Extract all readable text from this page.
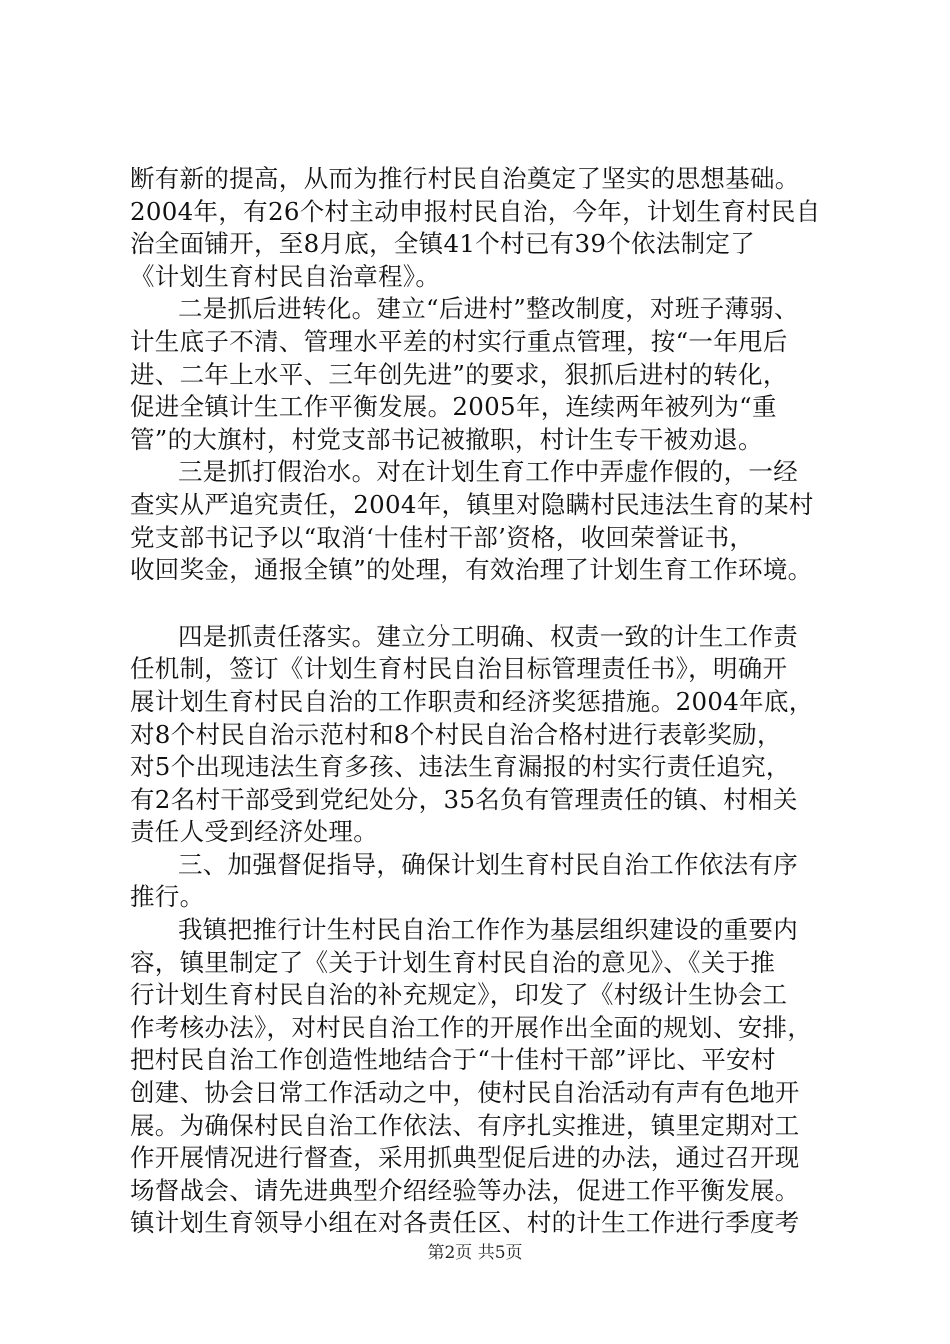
断有新的提高，从而为推行村民自治奠定了坚实的思想基础。
2004年，有26个村主动申报村民自治，今年，计划生育村民自
治全面铺开，至8月底，全镇41个村已有39个依法制定了
《计划生育村民自治章程》。
二是抓后进转化。建立“后进村”整改制度，对班子薄弱、
计生底子不清、管理水平差的村实行重点管理，按“一年甩后
进、二年上水平、三年创先进”的要求，狠抓后进村的转化，
促进全镇计生工作平衡发展。2005年，连续两年被列为“重
管”的大旗村，村党支部书记被撤职，村计生专干被劝退。
三是抓打假治水。对在计划生育工作中弄虚作假的，一经
查实从严追究责任，2004年，镇里对隐瞒村民违法生育的某村
党支部书记予以“取消‘十佳村干部’资格，收回荣誉证书，
收回奖金，通报全镇”的处理，有效治理了计划生育工作环境。
四是抓责任落实。建立分工明确、权责一致的计生工作责
任机制，签订《计划生育村民自治目标管理责任书》，明确开
展计划生育村民自治的工作职责和经济奖惩措施。2004年底，
对8个村民自治示范村和8个村民自治合格村进行表彰奖励，
对5个出现违法生育多孩、违法生育漏报的村实行责任追究，
有2名村干部受到党纪处分，35名负有管理责任的镇、村相关
责任人受到经济处理。
三、加强督促指导，确保计划生育村民自治工作依法有序
推行。
我镇把推行计生村民自治工作作为基层组织建设的重要内
容，镇里制定了《关于计划生育村民自治的意见》、《关于推
行计划生育村民自治的补充规定》，印发了《村级计生协会工
作考核办法》，对村民自治工作的开展作出全面的规划、安排，
把村民自治工作创造性地结合于“十佳村干部”评比、平安村
创建、协会日常工作活动之中，使村民自治活动有声有色地开
展。为确保村民自治工作依法、有序扎实推进，镇里定期对工
作开展情况进行督查，采用抓典型促后进的办法，通过召开现
场督战会、请先进典型介绍经验等办法，促进工作平衡发展。
镇计划生育领导小组在对各责任区、村的计生工作进行季度考
第2页 共5页
